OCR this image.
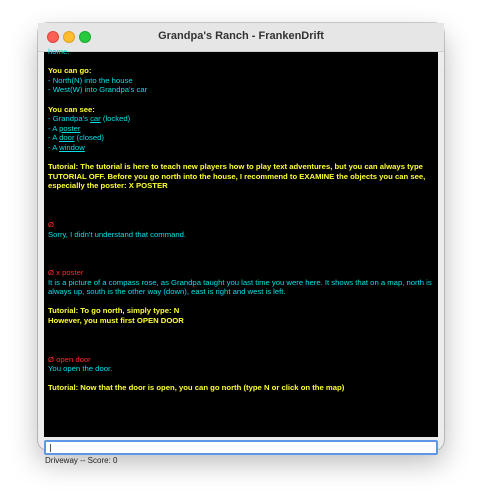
Grandpa's Ranch - FrankenDrift
home.
You can go:
- North(N) into the house
- West(W) into Grandpa's car
You can see:
- Grandpa's car (locked)
- A poster
- A door (closed)
- A window
Tutorial: The tutorial is here to teach new players how to play text adventures, but you can always type TUTORIAL OFF. Before you go north into the house, I recommend to EXAMINE the objects you can see, especially the poster: X POSTER
Ø
Sorry, I didn't understand that command.
Ø x poster
It is a picture of a compass rose, as Grandpa taught you last time you were here. It shows that on a map, north is always up, south is the other way (down), east is right and west is left.
Tutorial: To go north, simply type: N
However, you must first OPEN DOOR
Ø open door
You open the door.
Tutorial: Now that the door is open, you can go north (type N or click on the map)
Driveway -- Score: 0
